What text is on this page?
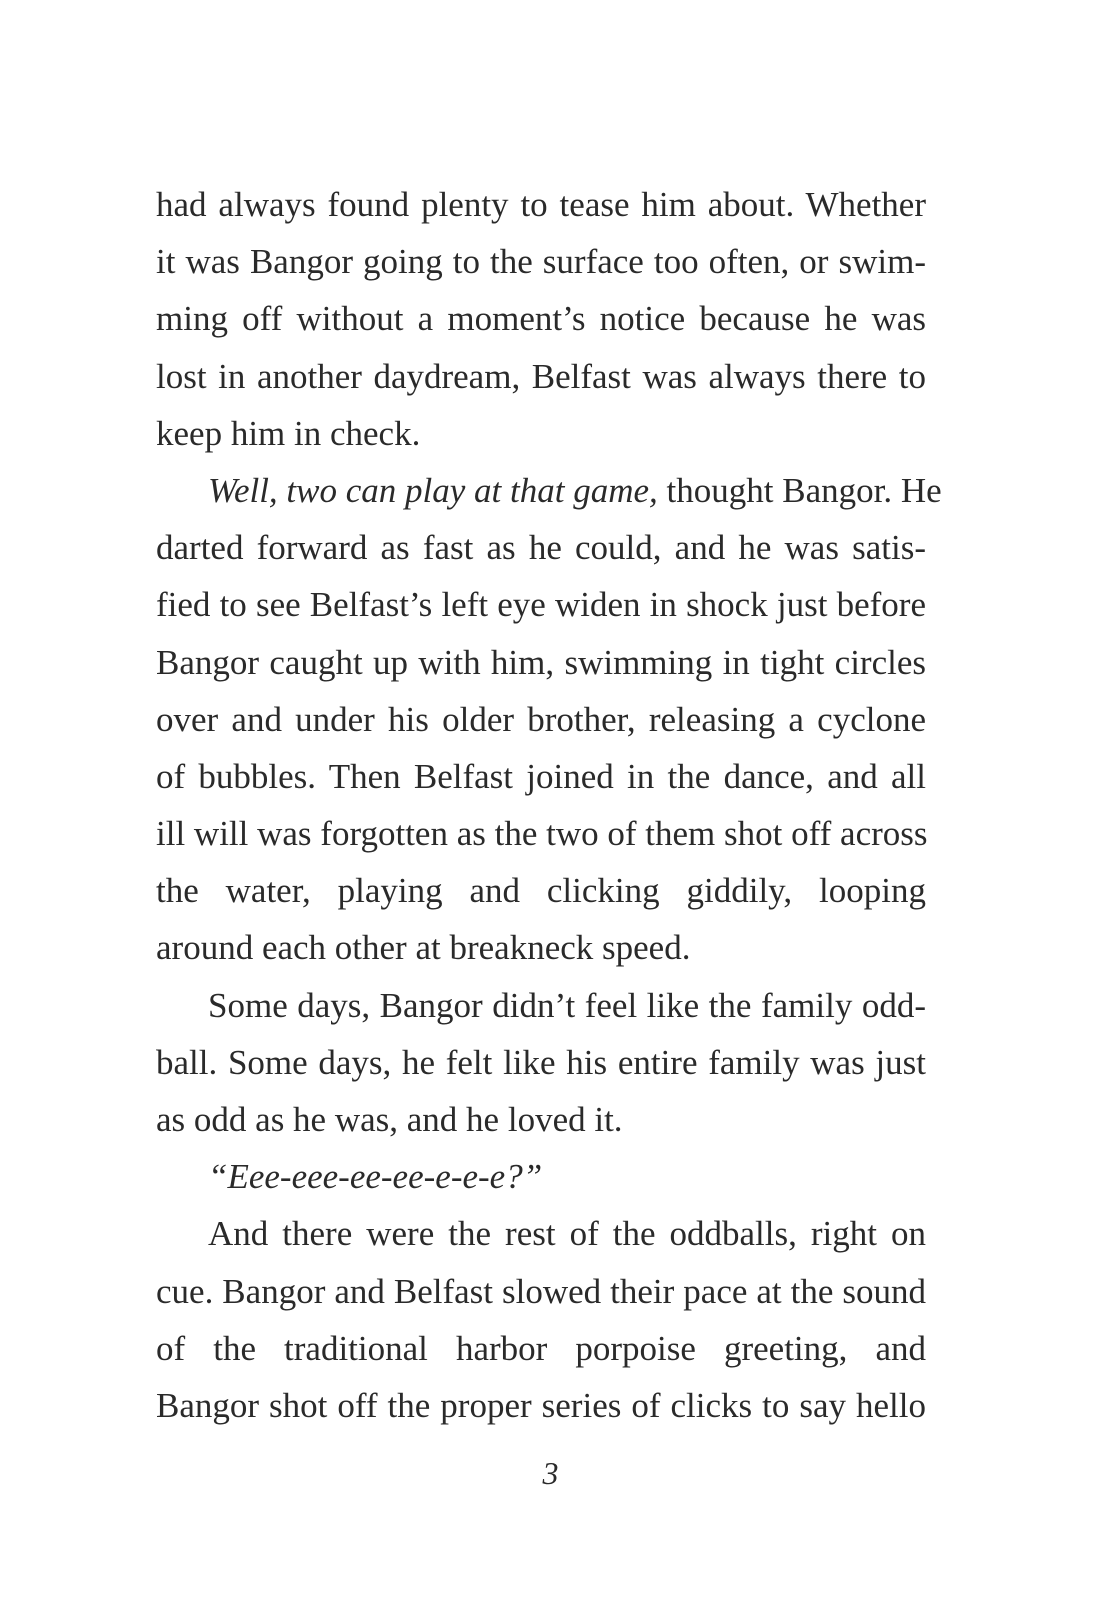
had always found plenty to tease him about. Whether
it was Bangor going to the surface too often, or swim-
ming off without a moment’s notice because he was
lost in another daydream, Belfast was always there to
keep him in check.
Well, two can play at that game, thought Bangor. He
darted forward as fast as he could, and he was satis-
fied to see Belfast’s left eye widen in shock just before
Bangor caught up with him, swimming in tight circles
over and under his older brother, releasing a cyclone
of bubbles. Then Belfast joined in the dance, and all
ill will was forgotten as the two of them shot off across
the water, playing and clicking giddily, looping
around each other at breakneck speed.
Some days, Bangor didn’t feel like the family odd-
ball. Some days, he felt like his entire family was just
as odd as he was, and he loved it.
“Eee-eee-ee-ee-e-e-e?”
And there were the rest of the oddballs, right on
cue. Bangor and Belfast slowed their pace at the sound
of the traditional harbor porpoise greeting, and
Bangor shot off the proper series of clicks to say hello
3
